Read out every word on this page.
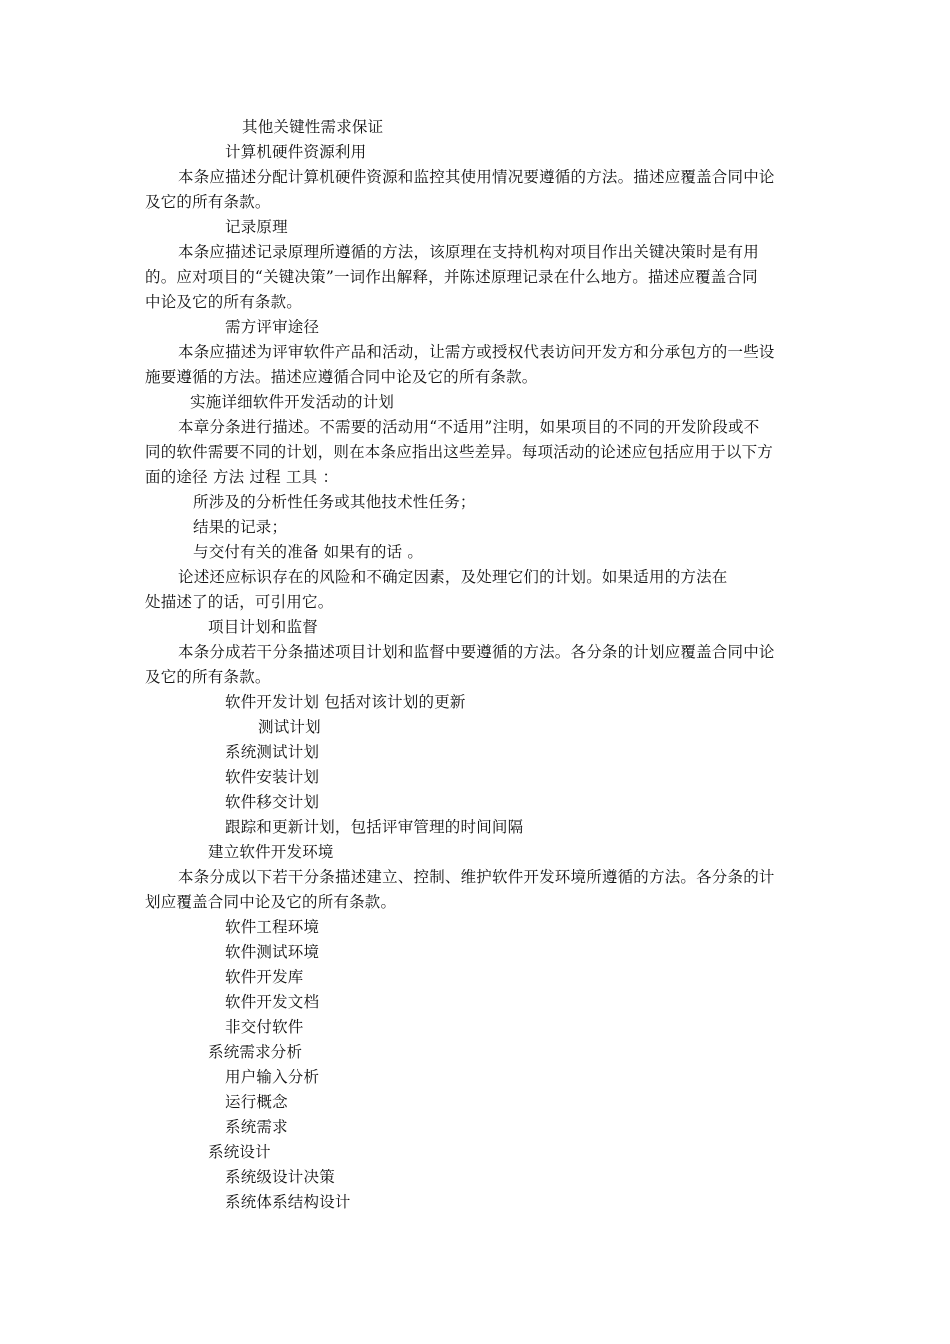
其他关键性需求保证
计算机硬件资源利用
本条应描述分配计算机硬件资源和监控其使用情况要遵循的方法。描述应覆盖合同中论
及它的所有条款。
记录原理
本条应描述记录原理所遵循的方法，该原理在支持机构对项目作出关键决策时是有用
的。应对项目的“关键决策”一词作出解释，并陈述原理记录在什么地方。描述应覆盖合同
中论及它的所有条款。
需方评审途径
本条应描述为评审软件产品和活动，让需方或授权代表访问开发方和分承包方的一些设
施要遵循的方法。描述应遵循合同中论及它的所有条款。
实施详细软件开发活动的计划
本章分条进行描述。不需要的活动用“不适用”注明，如果项目的不同的开发阶段或不
同的软件需要不同的计划，则在本条应指出这些差异。每项活动的论述应包括应用于以下方
面的途径 方法 过程 工具 ：
所涉及的分析性任务或其他技术性任务；
结果的记录；
与交付有关的准备 如果有的话 。
论述还应标识存在的风险和不确定因素，及处理它们的计划。如果适用的方法在
处描述了的话，可引用它。
项目计划和监督
本条分成若干分条描述项目计划和监督中要遵循的方法。各分条的计划应覆盖合同中论
及它的所有条款。
软件开发计划 包括对该计划的更新
测试计划
系统测试计划
软件安装计划
软件移交计划
跟踪和更新计划，包括评审管理的时间间隔
建立软件开发环境
本条分成以下若干分条描述建立、控制、维护软件开发环境所遵循的方法。各分条的计
划应覆盖合同中论及它的所有条款。
软件工程环境
软件测试环境
软件开发库
软件开发文档
非交付软件
系统需求分析
用户输入分析
运行概念
系统需求
系统设计
系统级设计决策
系统体系结构设计
